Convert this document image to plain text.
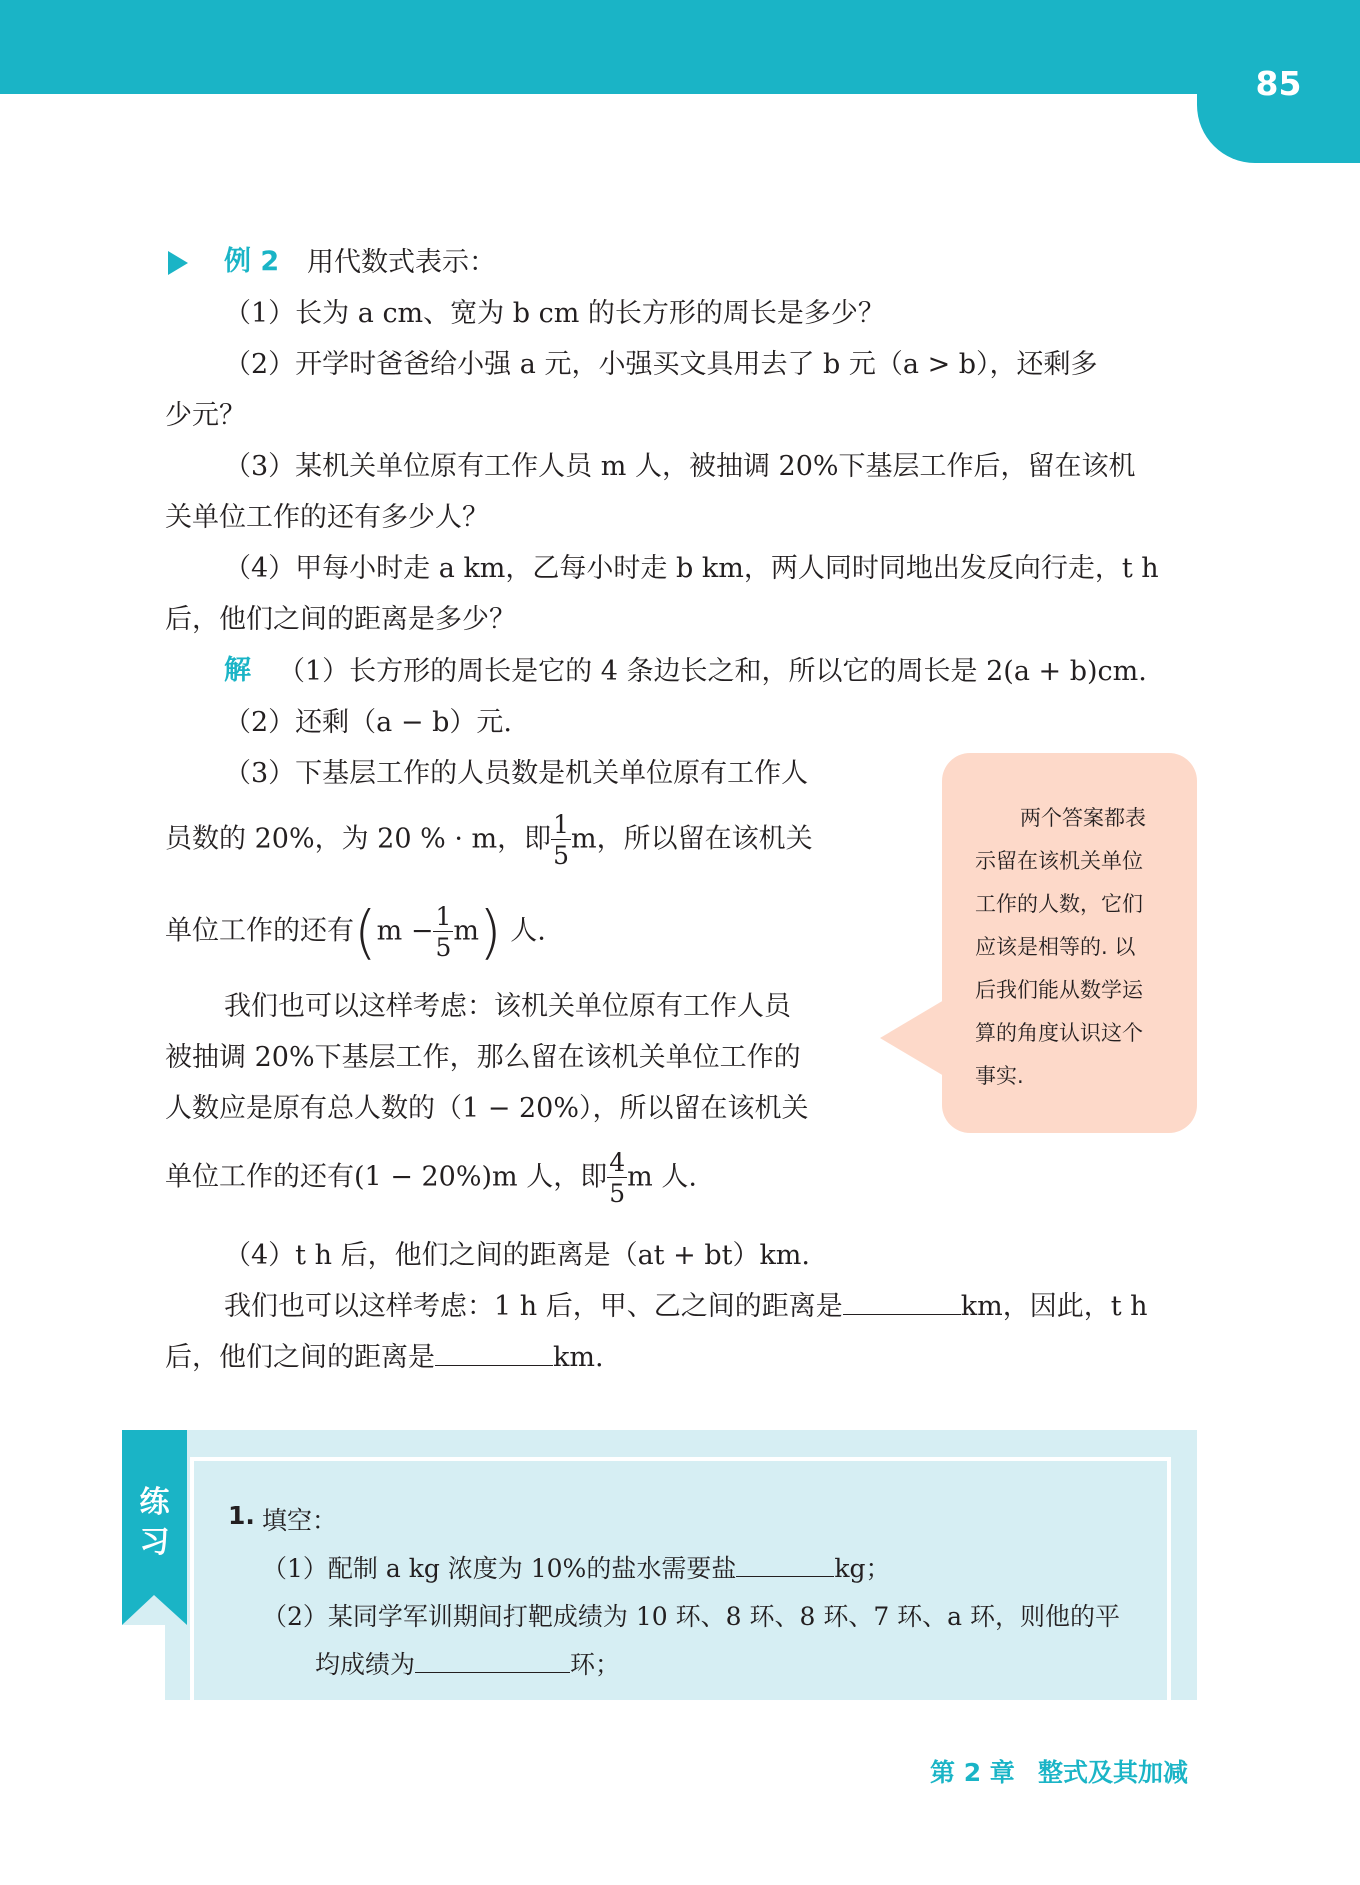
85
例 2 用代数式表示：
（1）长为 a cm、宽为 b cm 的长方形的周长是多少？
（2）开学时爸爸给小强 a 元，小强买文具用去了 b 元（a > b），还剩多
少元？
（3）某机关单位原有工作人员 m 人，被抽调 20%下基层工作后，留在该机
关单位工作的还有多少人？
（4）甲每小时走 a km，乙每小时走 b km，两人同时同地出发反向行走，t h
后，他们之间的距离是多少？
解 （1）长方形的周长是它的 4 条边长之和，所以它的周长是 2(a + b)cm.
（2）还剩（a − b）元.
（3）下基层工作的人员数是机关单位原有工作人
员数的 20%，为 20 % · m，即 $\frac{1}{5}$ m，所以留在该机关
单位工作的还有$(m - \frac{1}{5} m)$ 人.
我们也可以这样考虑：该机关单位原有工作人员
被抽调 20%下基层工作，那么留在该机关单位工作的
人数应是原有总人数的（1 − 20%），所以留在该机关
单位工作的还有(1 − 20%)m 人，即 $\frac{4}{5}$ m 人.
（4）t h 后，他们之间的距离是（at + bt）km.
我们也可以这样考虑：1 h 后，甲、乙之间的距离是	km，因此，t h
后，他们之间的距离是	km.
两个答案都表
示留在该机关单位
工作的人数，它们
应该是相等的. 以
后我们能从数学运
算的角度认识这个
事实.
练
习
1. 填空：
（1）配制 a kg 浓度为 10%的盐水需要盐	kg；
（2）某同学军训期间打靶成绩为 10 环、8 环、8 环、7 环、a 环，则他的平
均成绩为	环；
第 2 章 整式及其加减
